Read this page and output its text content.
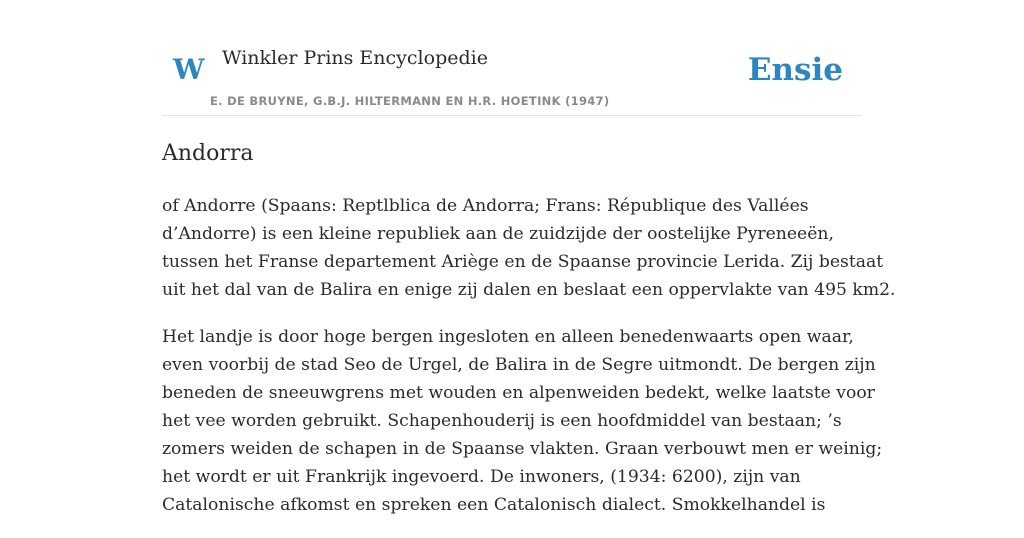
W Winkler Prins Encyclopedie	Ensie
E. DE BRUYNE, G.B.J. HILTERMANN EN H.R. HOETINK (1947)
Andorra

of Andorre (Spaans: Reptlblica de Andorra; Frans: République des Vallées
d’Andorre) is een kleine republiek aan de zuidzijde der oostelijke Pyreneeën,
tussen het Franse departement Ariège en de Spaanse provincie Lerida. Zij bestaat
uit het dal van de Balira en enige zij dalen en beslaat een oppervlakte van 495 km2.

Het landje is door hoge bergen ingesloten en alleen benedenwaarts open waar,
even voorbij de stad Seo de Urgel, de Balira in de Segre uitmondt. De bergen zijn
beneden de sneeuwgrens met wouden en alpenweiden bedekt, welke laatste voor
het vee worden gebruikt. Schapenhouderij is een hoofdmiddel van bestaan; ’s
zomers weiden de schapen in de Spaanse vlakten. Graan verbouwt men er weinig;
het wordt er uit Frankrijk ingevoerd. De inwoners, (1934: 6200), zijn van
Catalonische afkomst en spreken een Catalonisch dialect. Smokkelhandel is
